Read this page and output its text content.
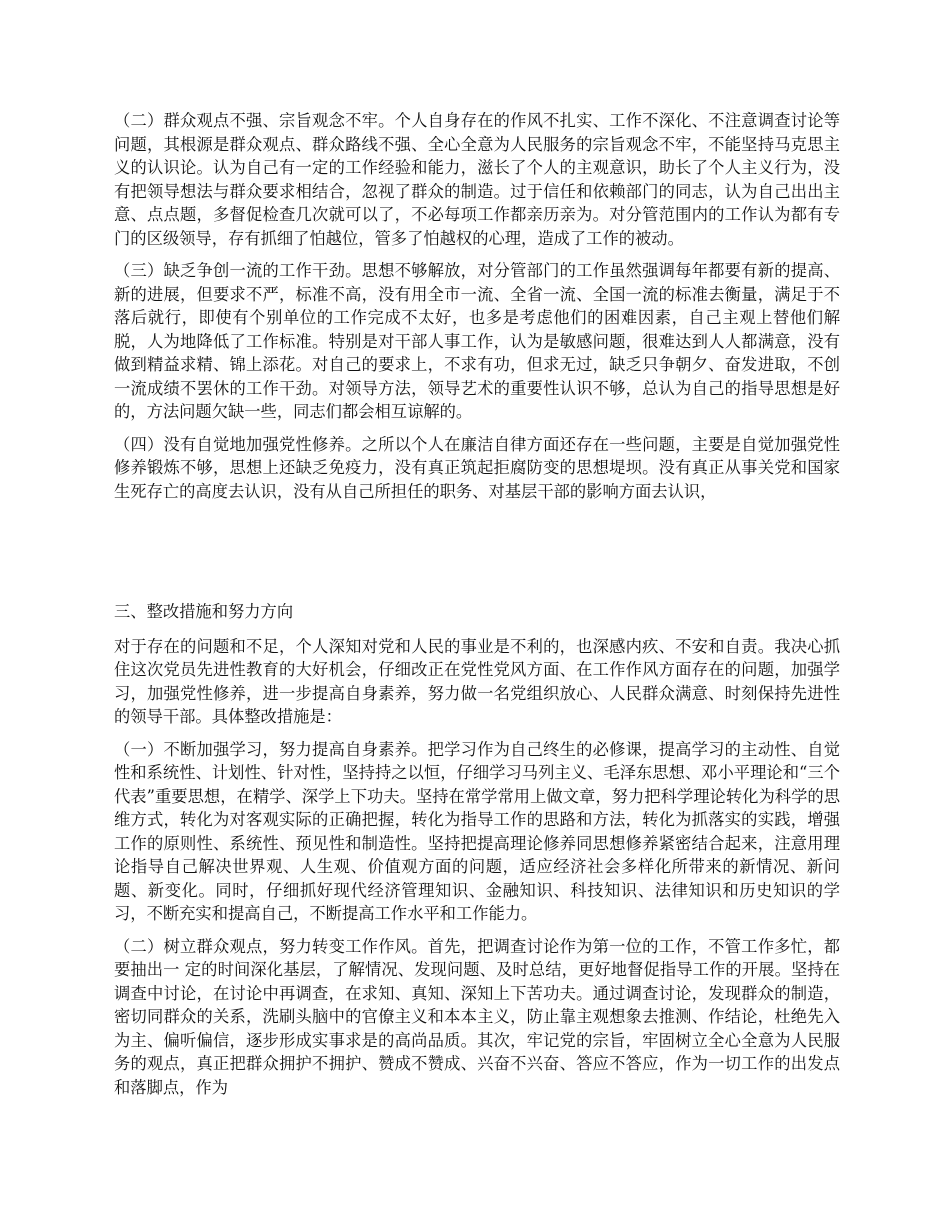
（二）群众观点不强、宗旨观念不牢。个人自身存在的作风不扎实、工作不深化、不注意调查讨论等问题，其根源是群众观点、群众路线不强、全心全意为人民服务的宗旨观念不牢，不能坚持马克思主义的认识论。认为自己有一定的工作经验和能力，滋长了个人的主观意识，助长了个人主义行为，没有把领导想法与群众要求相结合，忽视了群众的制造。过于信任和依赖部门的同志，认为自己出出主意、点点题，多督促检查几次就可以了，不必每项工作都亲历亲为。对分管范围内的工作认为都有专门的区级领导，存有抓细了怕越位，管多了怕越权的心理，造成了工作的被动。

（三）缺乏争创一流的工作干劲。思想不够解放，对分管部门的工作虽然强调每年都要有新的提高、新的进展，但要求不严，标准不高，没有用全市一流、全省一流、全国一流的标准去衡量，满足于不落后就行，即使有个别单位的工作完成不太好，也多是考虑他们的困难因素，自己主观上替他们解脱，人为地降低了工作标准。特别是对干部人事工作，认为是敏感问题，很难达到人人都满意，没有做到精益求精、锦上添花。对自己的要求上，不求有功，但求无过，缺乏只争朝夕、奋发进取，不创一流成绩不罢休的工作干劲。对领导方法，领导艺术的重要性认识不够，总认为自己的指导思想是好的，方法问题欠缺一些，同志们都会相互谅解的。

（四）没有自觉地加强党性修养。之所以个人在廉洁自律方面还存在一些问题，主要是自觉加强党性修养锻炼不够，思想上还缺乏免疫力，没有真正筑起拒腐防变的思想堤坝。没有真正从事关党和国家生死存亡的高度去认识，没有从自己所担任的职务、对基层干部的影响方面去认识，

三、整改措施和努力方向

对于存在的问题和不足，个人深知对党和人民的事业是不利的，也深感内疚、不安和自责。我决心抓住这次党员先进性教育的大好机会，仔细改正在党性党风方面、在工作作风方面存在的问题，加强学习，加强党性修养，进一步提高自身素养，努力做一名党组织放心、人民群众满意、时刻保持先进性的领导干部。具体整改措施是：

（一）不断加强学习，努力提高自身素养。把学习作为自己终生的必修课，提高学习的主动性、自觉性和系统性、计划性、针对性，坚持持之以恒，仔细学习马列主义、毛泽东思想、邓小平理论和“三个代表”重要思想，在精学、深学上下功夫。坚持在常学常用上做文章，努力把科学理论转化为科学的思维方式，转化为对客观实际的正确把握，转化为指导工作的思路和方法，转化为抓落实的实践，增强工作的原则性、系统性、预见性和制造性。坚持把提高理论修养同思想修养紧密结合起来，注意用理论指导自己解决世界观、人生观、价值观方面的问题，适应经济社会多样化所带来的新情况、新问题、新变化。同时，仔细抓好现代经济管理知识、金融知识、科技知识、法律知识和历史知识的学习，不断充实和提高自己，不断提高工作水平和工作能力。

（二）树立群众观点，努力转变工作作风。首先，把调查讨论作为第一位的工作，不管工作多忙，都要抽出一 定的时间深化基层，了解情况、发现问题、及时总结，更好地督促指导工作的开展。坚持在调查中讨论，在讨论中再调查，在求知、真知、深知上下苦功夫。通过调查讨论，发现群众的制造，密切同群众的关系，洗刷头脑中的官僚主义和本本主义，防止靠主观想象去推测、作结论，杜绝先入为主、偏听偏信，逐步形成实事求是的高尚品质。其次，牢记党的宗旨，牢固树立全心全意为人民服务的观点，真正把群众拥护不拥护、赞成不赞成、兴奋不兴奋、答应不答应，作为一切工作的出发点和落脚点，作为
